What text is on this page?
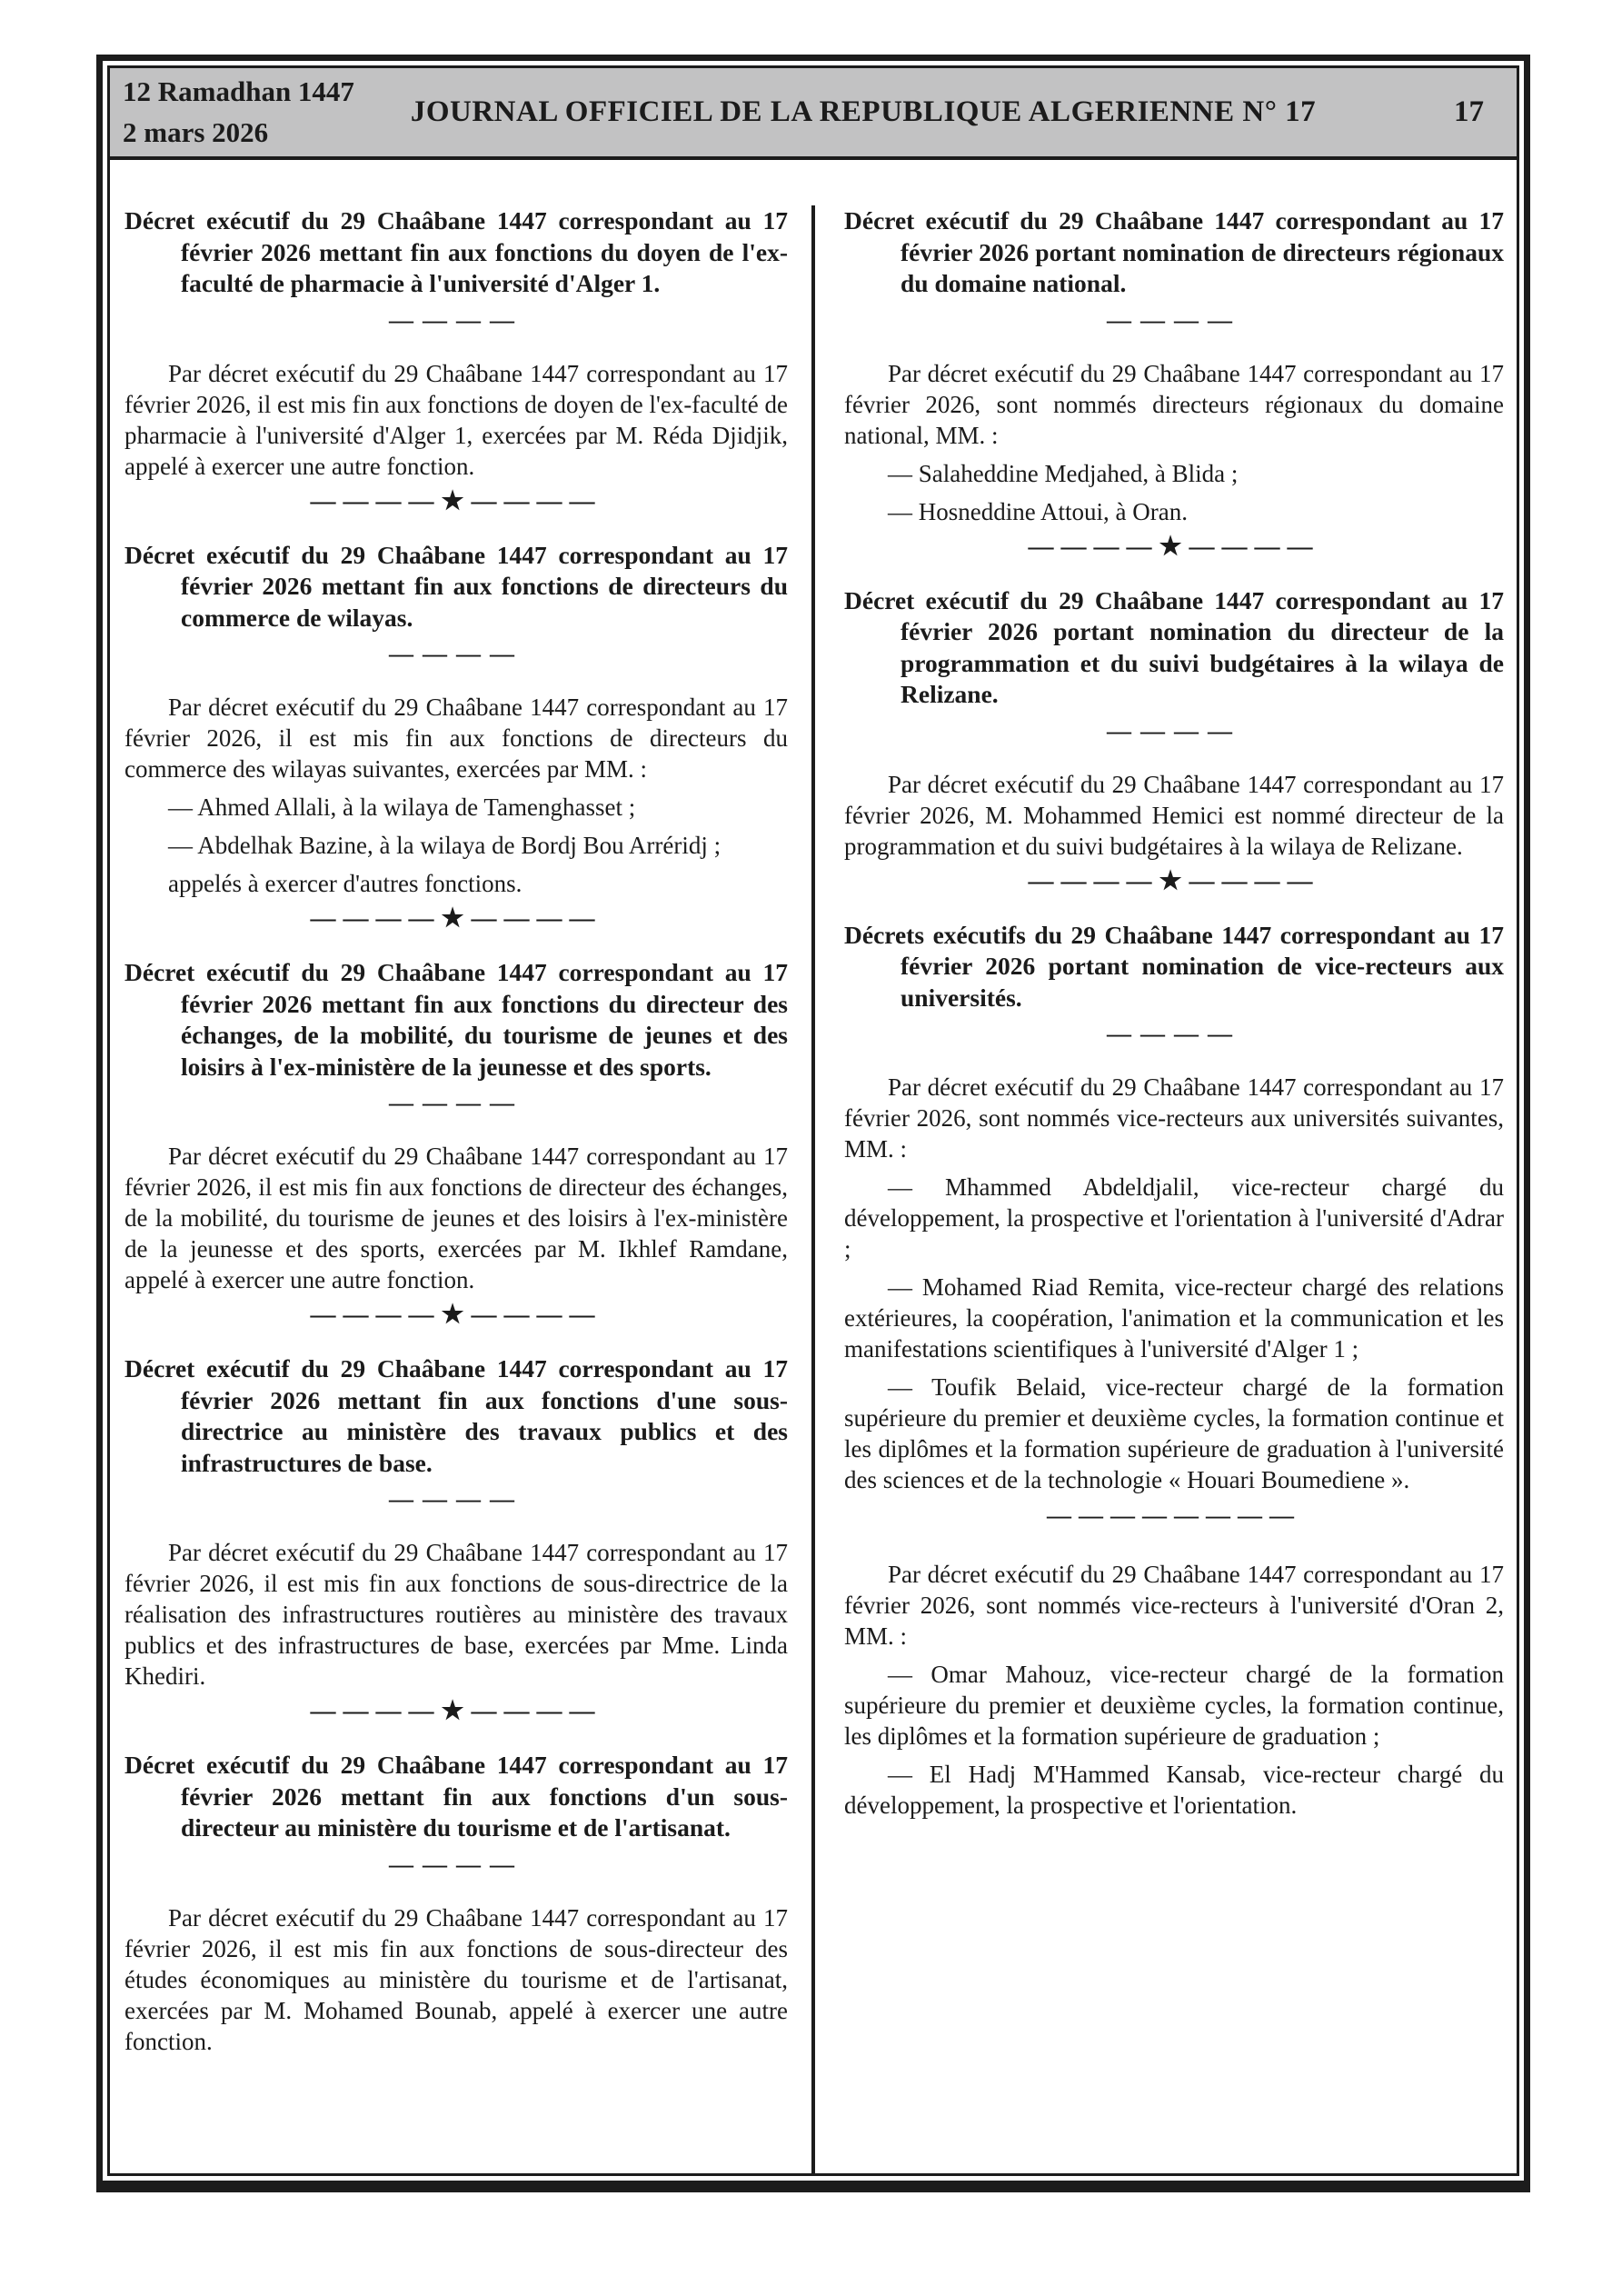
12 Ramadhan 1447
2 mars 2026
JOURNAL OFFICIEL DE LA REPUBLIQUE ALGERIENNE N° 17	17
Décret exécutif du 29 Chaâbane 1447 correspondant au 17 février 2026 mettant fin aux fonctions du doyen de l'ex-faculté de pharmacie à l'université d'Alger 1.
————
Par décret exécutif du 29 Chaâbane 1447 correspondant au 17 février 2026, il est mis fin aux fonctions de doyen de l'ex-faculté de pharmacie à l'université d'Alger 1, exercées par M. Réda Djidjik, appelé à exercer une autre fonction.
————★————
Décret exécutif du 29 Chaâbane 1447 correspondant au 17 février 2026 mettant fin aux fonctions de directeurs du commerce de wilayas.
————
Par décret exécutif du 29 Chaâbane 1447 correspondant au 17 février 2026, il est mis fin aux fonctions de directeurs du commerce des wilayas suivantes, exercées par MM. :
— Ahmed Allali, à la wilaya de Tamenghasset ;
— Abdelhak Bazine, à la wilaya de Bordj Bou Arréridj ;
appelés à exercer d'autres fonctions.
————★————
Décret exécutif du 29 Chaâbane 1447 correspondant au 17 février 2026 mettant fin aux fonctions du directeur des échanges, de la mobilité, du tourisme de jeunes et des loisirs à l'ex-ministère de la jeunesse et des sports.
————
Par décret exécutif du 29 Chaâbane 1447 correspondant au 17 février 2026, il est mis fin aux fonctions de directeur des échanges, de la mobilité, du tourisme de jeunes et des loisirs à l'ex-ministère de la jeunesse et des sports, exercées par M. Ikhlef Ramdane, appelé à exercer une autre fonction.
————★————
Décret exécutif du 29 Chaâbane 1447 correspondant au 17 février 2026 mettant fin aux fonctions d'une sous-directrice au ministère des travaux publics et des infrastructures de base.
————
Par décret exécutif du 29 Chaâbane 1447 correspondant au 17 février 2026, il est mis fin aux fonctions de sous-directrice de la réalisation des infrastructures routières au ministère des travaux publics et des infrastructures de base, exercées par Mme. Linda Khediri.
————★————
Décret exécutif du 29 Chaâbane 1447 correspondant au 17 février 2026 mettant fin aux fonctions d'un sous-directeur au ministère du tourisme et de l'artisanat.
————
Par décret exécutif du 29 Chaâbane 1447 correspondant au 17 février 2026, il est mis fin aux fonctions de sous-directeur des études économiques au ministère du tourisme et de l'artisanat, exercées par M. Mohamed Bounab, appelé à exercer une autre fonction.
Décret exécutif du 29 Chaâbane 1447 correspondant au 17 février 2026 portant nomination de directeurs régionaux du domaine national.
————
Par décret exécutif du 29 Chaâbane 1447 correspondant au 17 février 2026, sont nommés directeurs régionaux du domaine national, MM. :
— Salaheddine Medjahed, à Blida ;
— Hosneddine Attoui, à Oran.
————★————
Décret exécutif du 29 Chaâbane 1447 correspondant au 17 février 2026 portant nomination du directeur de la programmation et du suivi budgétaires à la wilaya de Relizane.
————
Par décret exécutif du 29 Chaâbane 1447 correspondant au 17 février 2026, M. Mohammed Hemici est nommé directeur de la programmation et du suivi budgétaires à la wilaya de Relizane.
————★————
Décrets exécutifs du 29 Chaâbane 1447 correspondant au 17 février 2026 portant nomination de vice-recteurs aux universités.
————
Par décret exécutif du 29 Chaâbane 1447 correspondant au 17 février 2026, sont nommés vice-recteurs aux universités suivantes, MM. :
— Mhammed Abdeldjalil, vice-recteur chargé du développement, la prospective et l'orientation à l'université d'Adrar ;
— Mohamed Riad Remita, vice-recteur chargé des relations extérieures, la coopération, l'animation et la communication et les manifestations scientifiques à l'université d'Alger 1 ;
— Toufik Belaid, vice-recteur chargé de la formation supérieure du premier et deuxième cycles, la formation continue et les diplômes et la formation supérieure de graduation à l'université des sciences et de la technologie « Houari Boumediene ».
————————
Par décret exécutif du 29 Chaâbane 1447 correspondant au 17 février 2026, sont nommés vice-recteurs à l'université d'Oran 2, MM. :
— Omar Mahouz, vice-recteur chargé de la formation supérieure du premier et deuxième cycles, la formation continue, les diplômes et la formation supérieure de graduation ;
— El Hadj M'Hammed Kansab, vice-recteur chargé du développement, la prospective et l'orientation.
